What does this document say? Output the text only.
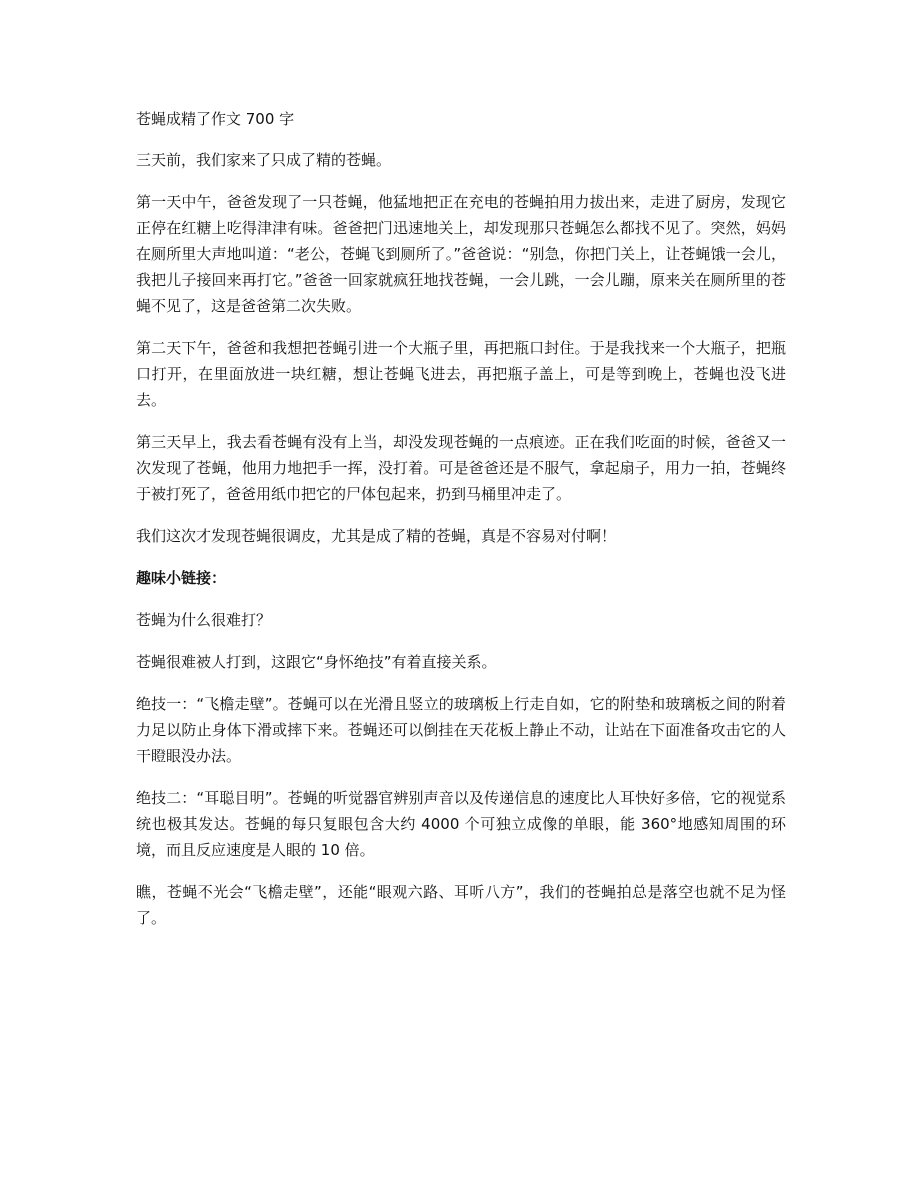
苍蝇成精了作文 700 字

三天前，我们家来了只成了精的苍蝇。

第一天中午，爸爸发现了一只苍蝇，他猛地把正在充电的苍蝇拍用力拔出来，走进了厨房，发现它正停在红糖上吃得津津有味。爸爸把门迅速地关上，却发现那只苍蝇怎么都找不见了。突然，妈妈在厕所里大声地叫道：“老公，苍蝇飞到厕所了。”爸爸说：“别急，你把门关上，让苍蝇饿一会儿，我把儿子接回来再打它。”爸爸一回家就疯狂地找苍蝇，一会儿跳，一会儿蹦，原来关在厕所里的苍蝇不见了，这是爸爸第二次失败。

第二天下午，爸爸和我想把苍蝇引进一个大瓶子里，再把瓶口封住。于是我找来一个大瓶子，把瓶口打开，在里面放进一块红糖，想让苍蝇飞进去，再把瓶子盖上，可是等到晚上，苍蝇也没飞进去。

第三天早上，我去看苍蝇有没有上当，却没发现苍蝇的一点痕迹。正在我们吃面的时候，爸爸又一次发现了苍蝇，他用力地把手一挥，没打着。可是爸爸还是不服气，拿起扇子，用力一拍，苍蝇终于被打死了，爸爸用纸巾把它的尸体包起来，扔到马桶里冲走了。

我们这次才发现苍蝇很调皮，尤其是成了精的苍蝇，真是不容易对付啊！

趣味小链接：

苍蝇为什么很难打？

苍蝇很难被人打到，这跟它“身怀绝技”有着直接关系。

绝技一：“飞檐走壁”。苍蝇可以在光滑且竖立的玻璃板上行走自如，它的附垫和玻璃板之间的附着力足以防止身体下滑或摔下来。苍蝇还可以倒挂在天花板上静止不动，让站在下面准备攻击它的人干瞪眼没办法。

绝技二：“耳聪目明”。苍蝇的听觉器官辨别声音以及传递信息的速度比人耳快好多倍，它的视觉系统也极其发达。苍蝇的每只复眼包含大约 4000 个可独立成像的单眼，能 360°地感知周围的环境，而且反应速度是人眼的 10 倍。

瞧，苍蝇不光会“飞檐走壁”，还能“眼观六路、耳听八方”，我们的苍蝇拍总是落空也就不足为怪了。
